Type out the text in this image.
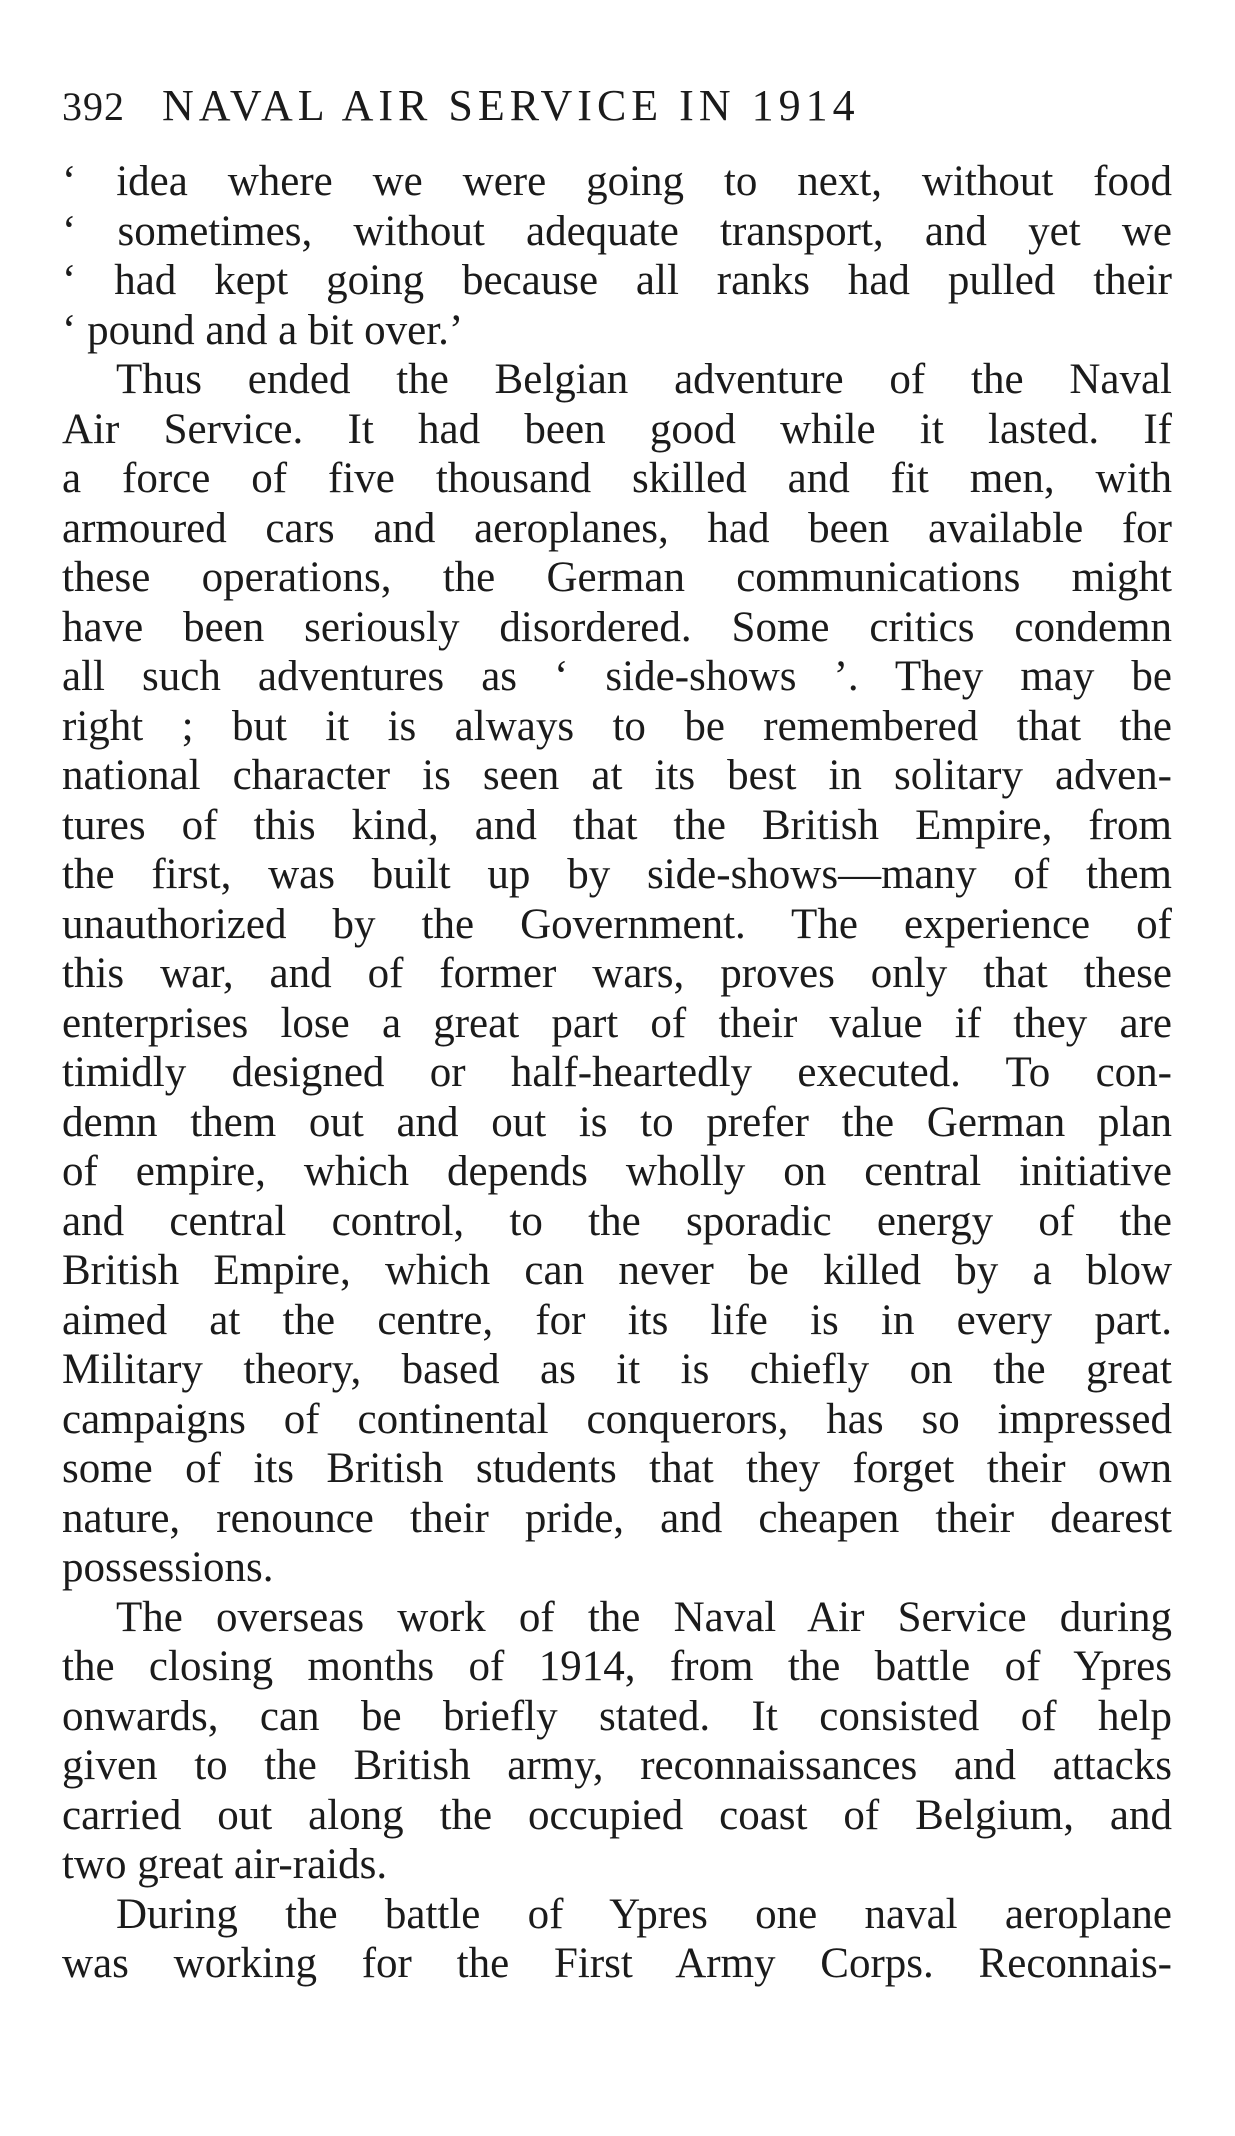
392 NAVAL AIR SERVICE IN 1914
‘ idea where we were going to next, without food
‘ sometimes, without adequate transport, and yet we
‘ had kept going because all ranks had pulled their
‘ pound and a bit over.’
Thus ended the Belgian adventure of the Naval
Air Service. It had been good while it lasted. If
a force of five thousand skilled and fit men, with
armoured cars and aeroplanes, had been available for
these operations, the German communications might
have been seriously disordered. Some critics condemn
all such adventures as ‘ side-shows ’. They may be
right ; but it is always to be remembered that the
national character is seen at its best in solitary adven-
tures of this kind, and that the British Empire, from
the first, was built up by side-shows—many of them
unauthorized by the Government. The experience of
this war, and of former wars, proves only that these
enterprises lose a great part of their value if they are
timidly designed or half-heartedly executed. To con-
demn them out and out is to prefer the German plan
of empire, which depends wholly on central initiative
and central control, to the sporadic energy of the
British Empire, which can never be killed by a blow
aimed at the centre, for its life is in every part.
Military theory, based as it is chiefly on the great
campaigns of continental conquerors, has so impressed
some of its British students that they forget their own
nature, renounce their pride, and cheapen their dearest
possessions.
The overseas work of the Naval Air Service during
the closing months of 1914, from the battle of Ypres
onwards, can be briefly stated. It consisted of help
given to the British army, reconnaissances and attacks
carried out along the occupied coast of Belgium, and
two great air-raids.
During the battle of Ypres one naval aeroplane
was working for the First Army Corps. Reconnais-
